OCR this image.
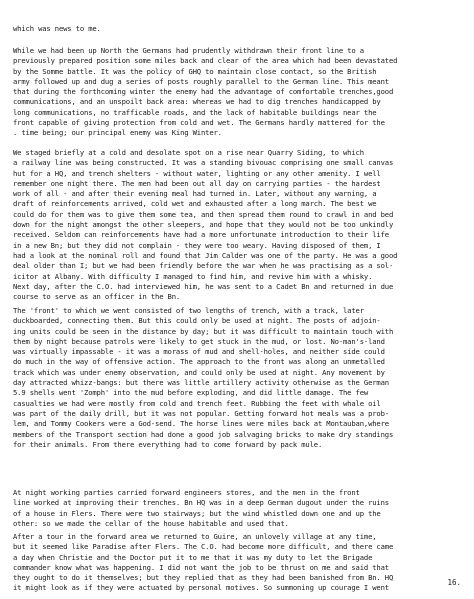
which was news to me.
While we had been up North the Germans had prudently withdrawn their front line to a
previously prepared position some miles back and clear of the area which had been devastated
by the Somme battle. It was the policy of GHQ to maintain close contact, so the British
army followed up and dug a series of posts roughly parallel to the German line. This meant
that during the forthcoming winter the enemy had the advantage of comfortable trenches,good
communications, and an unspoilt back area: whereas we had to dig trenches handicapped by
long communications, no trafficable roads, and the lack of habitable buildings near the
front capable of giving protection from cold and wet. The Germans hardly mattered for the
. time being; our principal enemy was King Winter.
We staged briefly at a cold and desolate spot on a rise near Quarry Siding, to which
a railway line was being constructed. It was a standing bivouac comprising one small canvas
hut for a HQ, and trench shelters - without water, lighting or any other amenity. I well
remember one night there. The men had been out all day on carrying parties - the hardest
work of all - and after their evening meal had turned in. Later, without any warning, a
draft of reinforcements arrived, cold wet and exhausted after a long march. The best we
could do for them was to give them some tea, and then spread them round to crawl in and bed
down for the night amongst the other sleepers, and hope that they would not be too unkindly
received. Seldom can reinforcements have had a more unfortunate introduction to their life
in a new Bn; but they did not complain - they were too weary. Having disposed of them, I
had a look at the nominal roll and found that Jim Calder was one of the party. He was a good
deal older than I; but we had been friendly before the war when he was practising as a sol-
icitor at Albany. With difficulty I managed to find him, and revive him with a whisky.
Next day, after the C.O. had interviewed him, he was sent to a Cadet Bn and returned in due
course to serve as an officer in the Bn.
The 'front' to which we went consisted of two lengths of trench, with a track, later
duckboarded, connecting them. But this could only be used at night. The posts of adjoin-
ing units could be seen in the distance by day; but it was difficult to maintain touch with
them by night because patrols were likely to get stuck in the mud, or lost. No-man's-land
was virtually impassable - it was a morass of mud and shell-holes, and neither side could
do much in the way of offensive action. The approach to the front was along an unmetalled
track which was under enemy observation, and could only be used at night. Any movement by
day attracted whizz-bangs: but there was little artillery activity otherwise as the German
5.9 shells went 'Zomph' into the mud before exploding, and did little damage. The few
casualties we had were mostly from cold and trench feet. Rubbing the feet with whale oil
was part of the daily drill, but it was not popular. Getting forward hot meals was a prob-
lem, and Tommy Cookers were a God-send. The horse lines were miles back at Montauban,where
members of the Transport section had done a good job salvaging bricks to make dry standings
for their animals. From there everything had to come forward by pack mule.
At night working parties carried forward engineers stores, and the men in the front
line worked at improving their trenches. Bn HQ was in a deep German dugout under the ruins
of a house in Flers. There were two stairways; but the wind whistled down one and up the
other: so we made the cellar of the house habitable and used that.
After a tour in the forward area we returned to Guire, an unlovely village at any time,
but it seemed like Paradise after Flers. The C.O. had become more difficult, and there came
a day when Christie and the Doctor put it to me that it was my duty to let the Brigade
commander know what was happening. I did not want the job to be thrust on me and said that
they ought to do it themselves; but they replied that as they had been banished from Bn. HQ
it might look as if they were actuated by personal motives. So summoning up courage I went
16.
